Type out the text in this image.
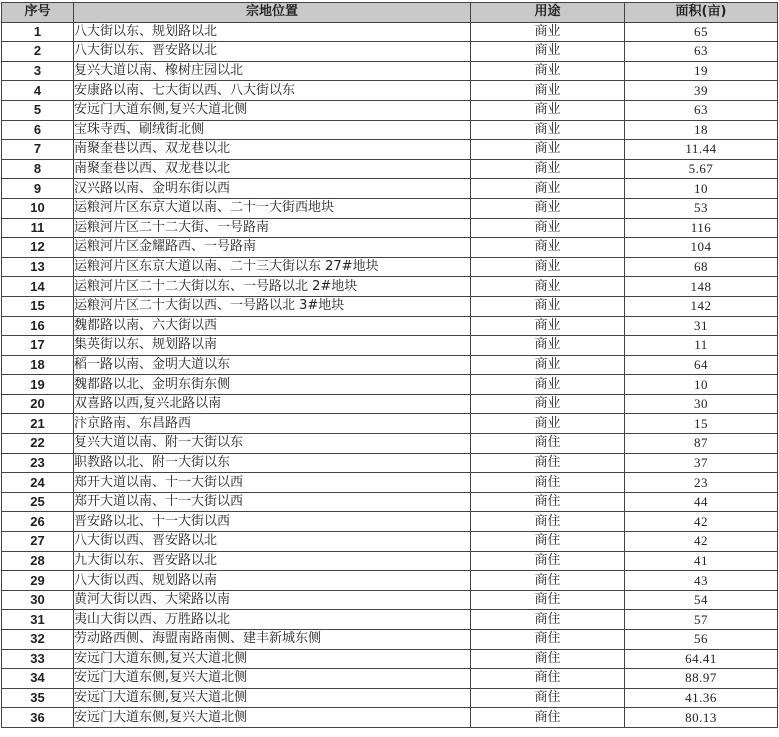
序号	宗地位置	用途	面积(亩)
1	八大街以东、规划路以北	商业	65
2	八大街以东、晋安路以北	商业	63
3	复兴大道以南、橡树庄园以北	商业	19
4	安康路以南、七大街以西、八大街以东	商业	39
5	安远门大道东侧,复兴大道北侧	商业	63
6	宝珠寺西、刷绒街北侧	商业	18
7	南聚奎巷以西、双龙巷以北	商业	11.44
8	南聚奎巷以西、双龙巷以北	商业	5.67
9	汉兴路以南、金明东街以西	商业	10
10	运粮河片区东京大道以南、二十一大街西地块	商业	53
11	运粮河片区二十二大街、一号路南	商业	116
12	运粮河片区金耀路西、一号路南	商业	104
13	运粮河片区东京大道以南、二十三大街以东 27#地块	商业	68
14	运粮河片区二十二大街以东、一号路以北 2#地块	商业	148
15	运粮河片区二十大街以西、一号路以北 3#地块	商业	142
16	魏都路以南、六大街以西	商业	31
17	集英街以东、规划路以南	商业	11
18	稻一路以南、金明大道以东	商业	64
19	魏都路以北、金明东街东侧	商业	10
20	双喜路以西,复兴北路以南	商业	30
21	汴京路南、东昌路西	商业	15
22	复兴大道以南、附一大街以东	商住	87
23	职教路以北、附一大街以东	商住	37
24	郑开大道以南、十一大街以西	商住	23
25	郑开大道以南、十一大街以西	商住	44
26	晋安路以北、十一大街以西	商住	42
27	八大街以西、晋安路以北	商住	42
28	九大街以东、晋安路以北	商住	41
29	八大街以西、规划路以南	商住	43
30	黄河大街以西、大梁路以南	商住	54
31	夷山大街以西、万胜路以北	商住	57
32	劳动路西侧、海盟南路南侧、建丰新城东侧	商住	56
33	安远门大道东侧,复兴大道北侧	商住	64.41
34	安远门大道东侧,复兴大道北侧	商住	88.97
35	安远门大道东侧,复兴大道北侧	商住	41.36
36	安远门大道东侧,复兴大道北侧	商住	80.13
